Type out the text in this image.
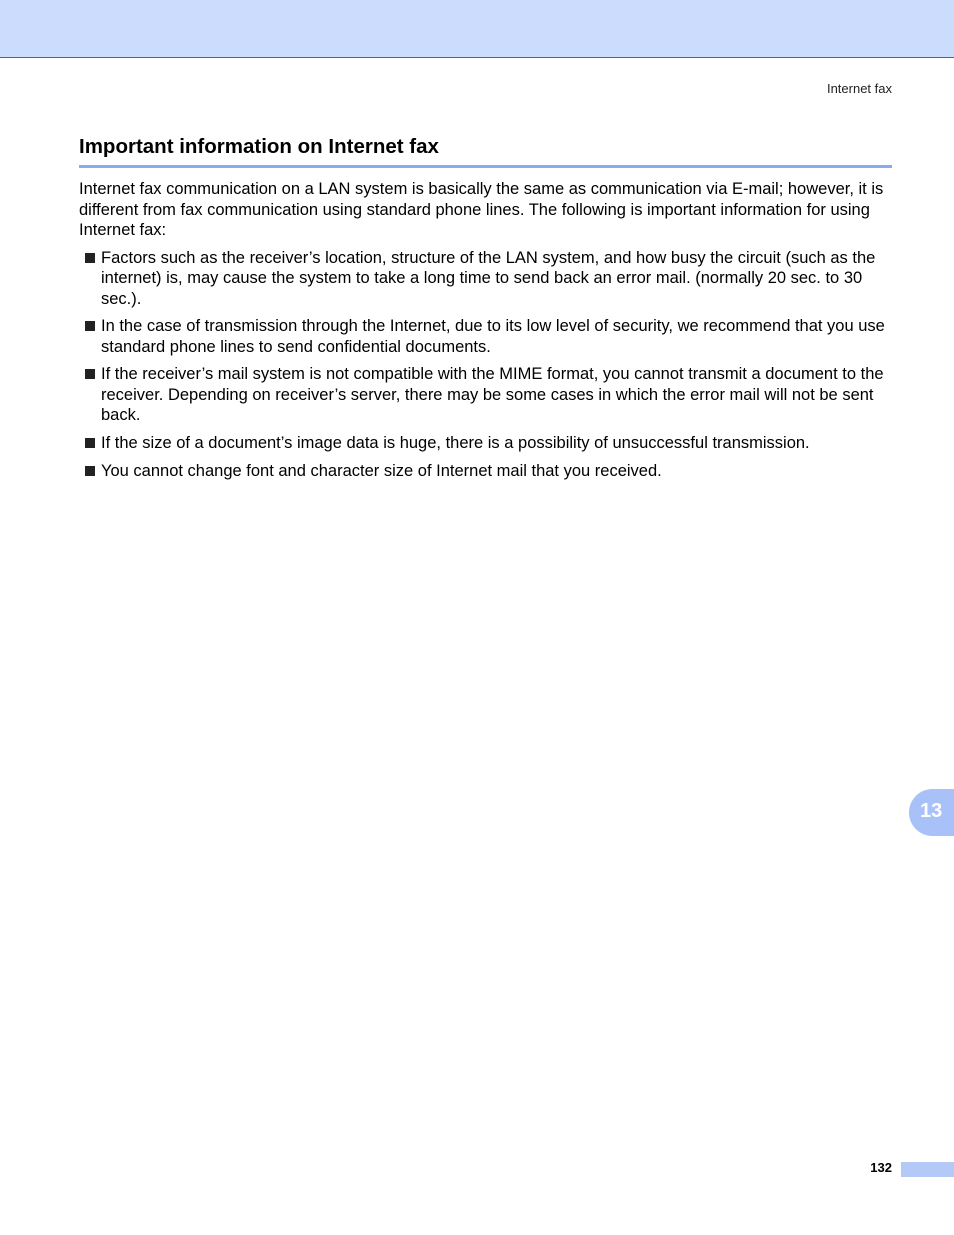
Internet fax
Important information on Internet fax

Internet fax communication on a LAN system is basically the same as communication via E-mail; however, it is different from fax communication using standard phone lines. The following is important information for using Internet fax:

Factors such as the receiver’s location, structure of the LAN system, and how busy the circuit (such as the internet) is, may cause the system to take a long time to send back an error mail. (normally 20 sec. to 30 sec.).
In the case of transmission through the Internet, due to its low level of security, we recommend that you use standard phone lines to send confidential documents.
If the receiver’s mail system is not compatible with the MIME format, you cannot transmit a document to the receiver. Depending on receiver’s server, there may be some cases in which the error mail will not be sent back.
If the size of a document’s image data is huge, there is a possibility of unsuccessful transmission.
You cannot change font and character size of Internet mail that you received.
13
132
